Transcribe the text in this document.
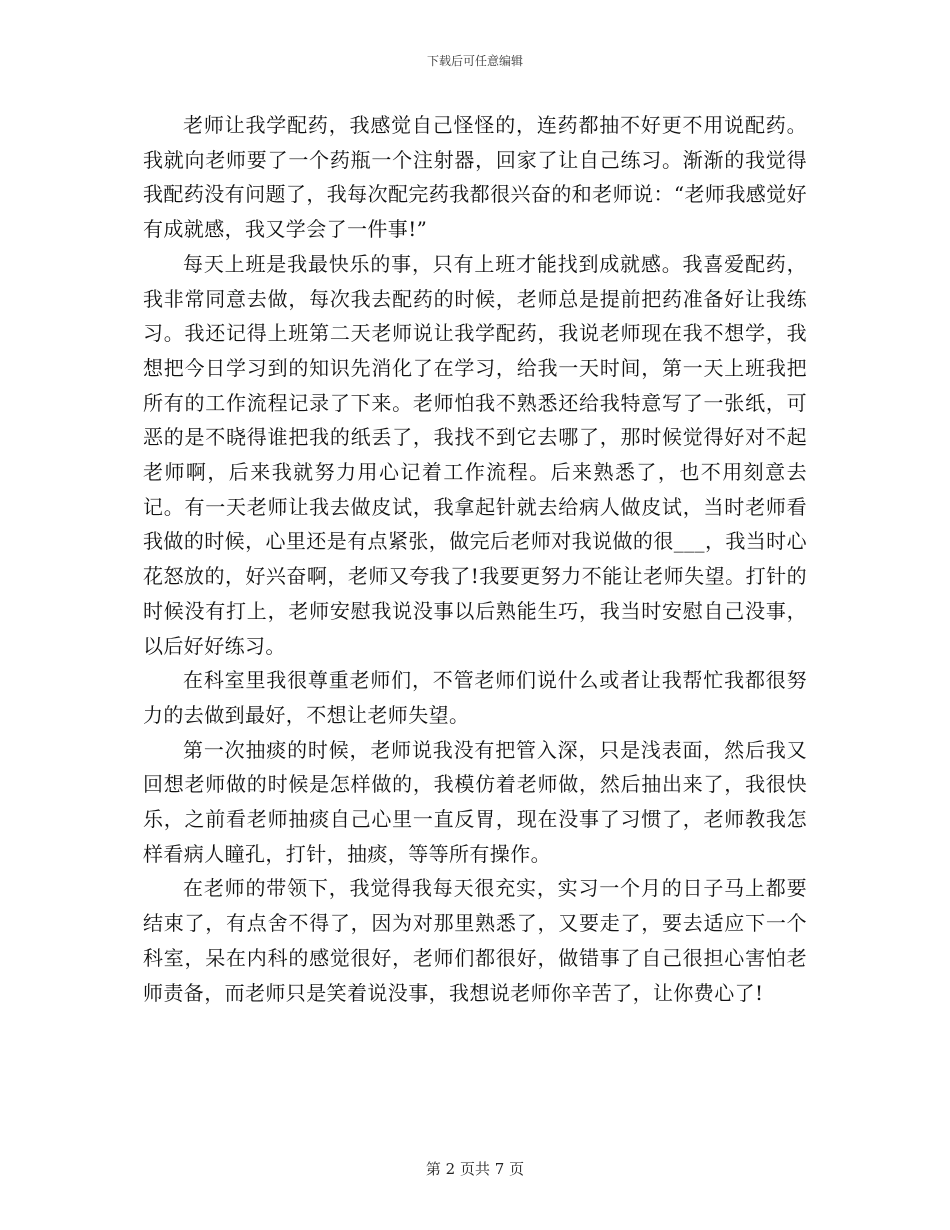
下载后可任意编辑

老师让我学配药，我感觉自己怪怪的，连药都抽不好更不用说配药。我就向老师要了一个药瓶一个注射器，回家了让自己练习。渐渐的我觉得我配药没有问题了，我每次配完药我都很兴奋的和老师说：“老师我感觉好有成就感，我又学会了一件事!”

每天上班是我最快乐的事，只有上班才能找到成就感。我喜爱配药，我非常同意去做，每次我去配药的时候，老师总是提前把药准备好让我练习。我还记得上班第二天老师说让我学配药，我说老师现在我不想学，我想把今日学习到的知识先消化了在学习，给我一天时间，第一天上班我把所有的工作流程记录了下来。老师怕我不熟悉还给我特意写了一张纸，可恶的是不晓得谁把我的纸丢了，我找不到它去哪了，那时候觉得好对不起老师啊，后来我就努力用心记着工作流程。后来熟悉了，也不用刻意去记。有一天老师让我去做皮试，我拿起针就去给病人做皮试，当时老师看我做的时候，心里还是有点紧张，做完后老师对我说做的很___，我当时心花怒放的，好兴奋啊，老师又夸我了!我要更努力不能让老师失望。打针的时候没有打上，老师安慰我说没事以后熟能生巧，我当时安慰自己没事，以后好好练习。

在科室里我很尊重老师们，不管老师们说什么或者让我帮忙我都很努力的去做到最好，不想让老师失望。

第一次抽痰的时候，老师说我没有把管入深，只是浅表面，然后我又回想老师做的时候是怎样做的，我模仿着老师做，然后抽出来了，我很快乐，之前看老师抽痰自己心里一直反胃，现在没事了习惯了，老师教我怎样看病人瞳孔，打针，抽痰，等等所有操作。

在老师的带领下，我觉得我每天很充实，实习一个月的日子马上都要结束了，有点舍不得了，因为对那里熟悉了，又要走了，要去适应下一个科室，呆在内科的感觉很好，老师们都很好，做错事了自己很担心害怕老师责备，而老师只是笑着说没事，我想说老师你辛苦了，让你费心了!

第 2 页共 7 页
